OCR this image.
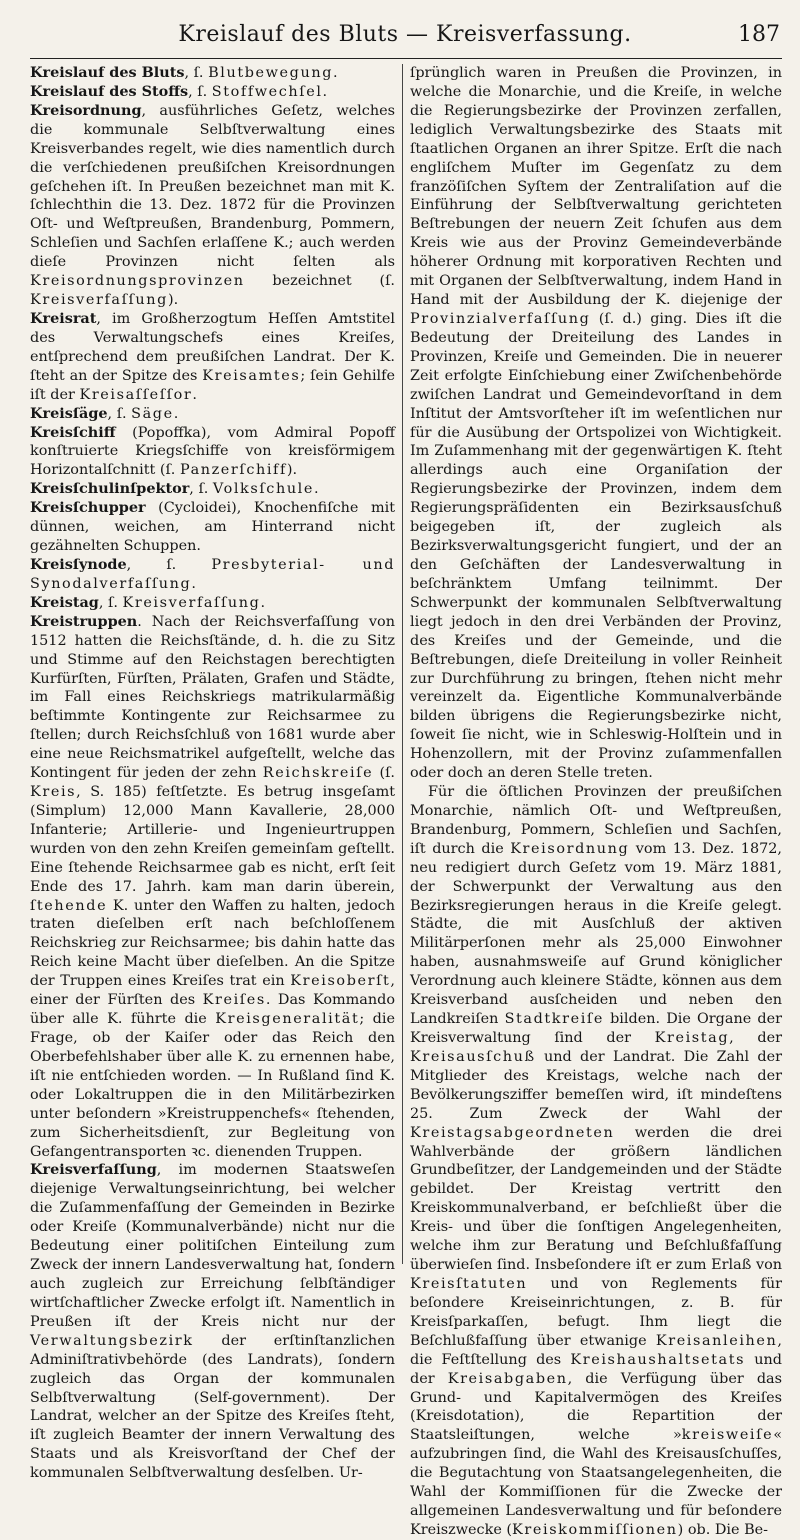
Kreislauf des Bluts — Kreisverfassung.	187

Kreislauf des Bluts, ſ. Blutbewegung.

Kreislauf des Stoffs, ſ. Stoffwechſel.

Kreisordnung, ausführliches Geſetz, welches die kommunale Selbſtverwaltung eines Kreisverbandes regelt, wie dies namentlich durch die verſchiedenen preußiſchen Kreisordnungen geſchehen iſt. In Preußen bezeichnet man mit K. ſchlechthin die 13. Dez. 1872 für die Provinzen Oſt- und Weſtpreußen, Brandenburg, Pommern, Schleſien und Sachſen erlaſſene K.; auch werden dieſe Provinzen nicht ſelten als Kreisordnungsprovinzen bezeichnet (ſ. Kreisverfaſſung).

Kreisrat, im Großherzogtum Heſſen Amtstitel des Verwaltungschefs eines Kreiſes, entſprechend dem preußiſchen Landrat. Der K. ſteht an der Spitze des Kreisamtes; ſein Gehilfe iſt der Kreisaſſeſſor.

Kreisſäge, ſ. Säge.

Kreisſchiff (Popoffka), vom Admiral Popoff konſtruierte Kriegsſchiffe von kreisförmigem Horizontalſchnitt (ſ. Panzerſchiff).

Kreisſchulinſpektor, ſ. Volksſchule.

Kreisſchupper (Cycloidei), Knochenfiſche mit dünnen, weichen, am Hinterrand nicht gezähnelten Schuppen.

Kreisſynode, ſ. Presbyterial- und Synodalverfaſſung.

Kreistag, ſ. Kreisverfaſſung.

Kreistruppen. Nach der Reichsverfaſſung von 1512 hatten die Reichsſtände, d. h. die zu Sitz und Stimme auf den Reichstagen berechtigten Kurfürſten, Fürſten, Prälaten, Grafen und Städte, im Fall eines Reichskriegs matrikularmäßig beſtimmte Kontingente zur Reichsarmee zu ſtellen; durch Reichsſchluß von 1681 wurde aber eine neue Reichsmatrikel aufgeſtellt, welche das Kontingent für jeden der zehn Reichskreiſe (ſ. Kreis, S. 185) feſtſetzte. Es betrug insgeſamt (Simplum) 12,000 Mann Kavallerie, 28,000 Infanterie; Artillerie- und Ingenieurtruppen wurden von den zehn Kreiſen gemeinſam geſtellt. Eine ſtehende Reichsarmee gab es nicht, erſt ſeit Ende des 17. Jahrh. kam man darin überein, ſtehende K. unter den Waffen zu halten, jedoch traten dieſelben erſt nach beſchloſſenem Reichskrieg zur Reichsarmee; bis dahin hatte das Reich keine Macht über dieſelben. An die Spitze der Truppen eines Kreiſes trat ein Kreisoberſt, einer der Fürſten des Kreiſes. Das Kommando über alle K. führte die Kreisgeneralität; die Frage, ob der Kaiſer oder das Reich den Oberbefehlshaber über alle K. zu ernennen habe, iſt nie entſchieden worden. — In Rußland ſind K. oder Lokaltruppen die in den Militärbezirken unter beſondern »Kreistruppenchefs« ſtehenden, zum Sicherheitsdienſt, zur Begleitung von Gefangentransporten ꝛc. dienenden Truppen.

Kreisverfaſſung, im modernen Staatsweſen diejenige Verwaltungseinrichtung, bei welcher die Zuſammenfaſſung der Gemeinden in Bezirke oder Kreiſe (Kommunalverbände) nicht nur die Bedeutung einer politiſchen Einteilung zum Zweck der innern Landesverwaltung hat, ſondern auch zugleich zur Erreichung ſelbſtändiger wirtſchaftlicher Zwecke erfolgt iſt. Namentlich in Preußen iſt der Kreis nicht nur der Verwaltungsbezirk der erſtinſtanzlichen Adminiſtrativbehörde (des Landrats), ſondern zugleich das Organ der kommunalen Selbſtverwaltung (Self-government). Der Landrat, welcher an der Spitze des Kreiſes ſteht, iſt zugleich Beamter der innern Verwaltung des Staats und als Kreisvorſtand der Chef der kommunalen Selbſtverwaltung desſelben. Ur-

ſprünglich waren in Preußen die Provinzen, in welche die Monarchie, und die Kreiſe, in welche die Regierungsbezirke der Provinzen zerfallen, lediglich Verwaltungsbezirke des Staats mit ſtaatlichen Organen an ihrer Spitze. Erſt die nach engliſchem Muſter im Gegenſatz zu dem franzöſiſchen Syſtem der Zentraliſation auf die Einführung der Selbſtverwaltung gerichteten Beſtrebungen der neuern Zeit ſchufen aus dem Kreis wie aus der Provinz Gemeindeverbände höherer Ordnung mit korporativen Rechten und mit Organen der Selbſtverwaltung, indem Hand in Hand mit der Ausbildung der K. diejenige der Provinzialverfaſſung (ſ. d.) ging. Dies iſt die Bedeutung der Dreiteilung des Landes in Provinzen, Kreiſe und Gemeinden. Die in neuerer Zeit erfolgte Einſchiebung einer Zwiſchenbehörde zwiſchen Landrat und Gemeindevorſtand in dem Inſtitut der Amtsvorſteher iſt im weſentlichen nur für die Ausübung der Ortspolizei von Wichtigkeit. Im Zuſammenhang mit der gegenwärtigen K. ſteht allerdings auch eine Organiſation der Regierungsbezirke der Provinzen, indem dem Regierungspräſidenten ein Bezirksausſchuß beigegeben iſt, der zugleich als Bezirksverwaltungsgericht fungiert, und der an den Geſchäften der Landesverwaltung in beſchränktem Umfang teilnimmt. Der Schwerpunkt der kommunalen Selbſtverwaltung liegt jedoch in den drei Verbänden der Provinz, des Kreiſes und der Gemeinde, und die Beſtrebungen, dieſe Dreiteilung in voller Reinheit zur Durchführung zu bringen, ſtehen nicht mehr vereinzelt da. Eigentliche Kommunalverbände bilden übrigens die Regierungsbezirke nicht, ſoweit ſie nicht, wie in Schleswig-Holſtein und in Hohenzollern, mit der Provinz zuſammenfallen oder doch an deren Stelle treten.

Für die öſtlichen Provinzen der preußiſchen Monarchie, nämlich Oſt- und Weſtpreußen, Brandenburg, Pommern, Schleſien und Sachſen, iſt durch die Kreisordnung vom 13. Dez. 1872, neu redigiert durch Geſetz vom 19. März 1881, der Schwerpunkt der Verwaltung aus den Bezirksregierungen heraus in die Kreiſe gelegt. Städte, die mit Ausſchluß der aktiven Militärperſonen mehr als 25,000 Einwohner haben, ausnahmsweiſe auf Grund königlicher Verordnung auch kleinere Städte, können aus dem Kreisverband ausſcheiden und neben den Landkreiſen Stadtkreiſe bilden. Die Organe der Kreisverwaltung ſind der Kreistag, der Kreisausſchuß und der Landrat. Die Zahl der Mitglieder des Kreistags, welche nach der Bevölkerungsziffer bemeſſen wird, iſt mindeſtens 25. Zum Zweck der Wahl der Kreistagsabgeordneten werden die drei Wahlverbände der größern ländlichen Grundbeſitzer, der Landgemeinden und der Städte gebildet. Der Kreistag vertritt den Kreiskommunalverband, er beſchließt über die Kreis- und über die ſonſtigen Angelegenheiten, welche ihm zur Beratung und Beſchlußfaſſung überwieſen ſind. Insbeſondere iſt er zum Erlaß von Kreisſtatuten und von Reglements für beſondere Kreiseinrichtungen, z. B. für Kreisſparkaſſen, befugt. Ihm liegt die Beſchlußfaſſung über etwanige Kreisanleihen, die Feſtſtellung des Kreishaushaltsetats und der Kreisabgaben, die Verfügung über das Grund- und Kapitalvermögen des Kreiſes (Kreisdotation), die Repartition der Staatsleiſtungen, welche »kreisweiſe« aufzubringen ſind, die Wahl des Kreisausſchuſſes, die Begutachtung von Staatsangelegenheiten, die Wahl der Kommiſſionen für die Zwecke der allgemeinen Landesverwaltung und für beſondere Kreiszwecke (Kreiskommiſſionen) ob. Die Be-
